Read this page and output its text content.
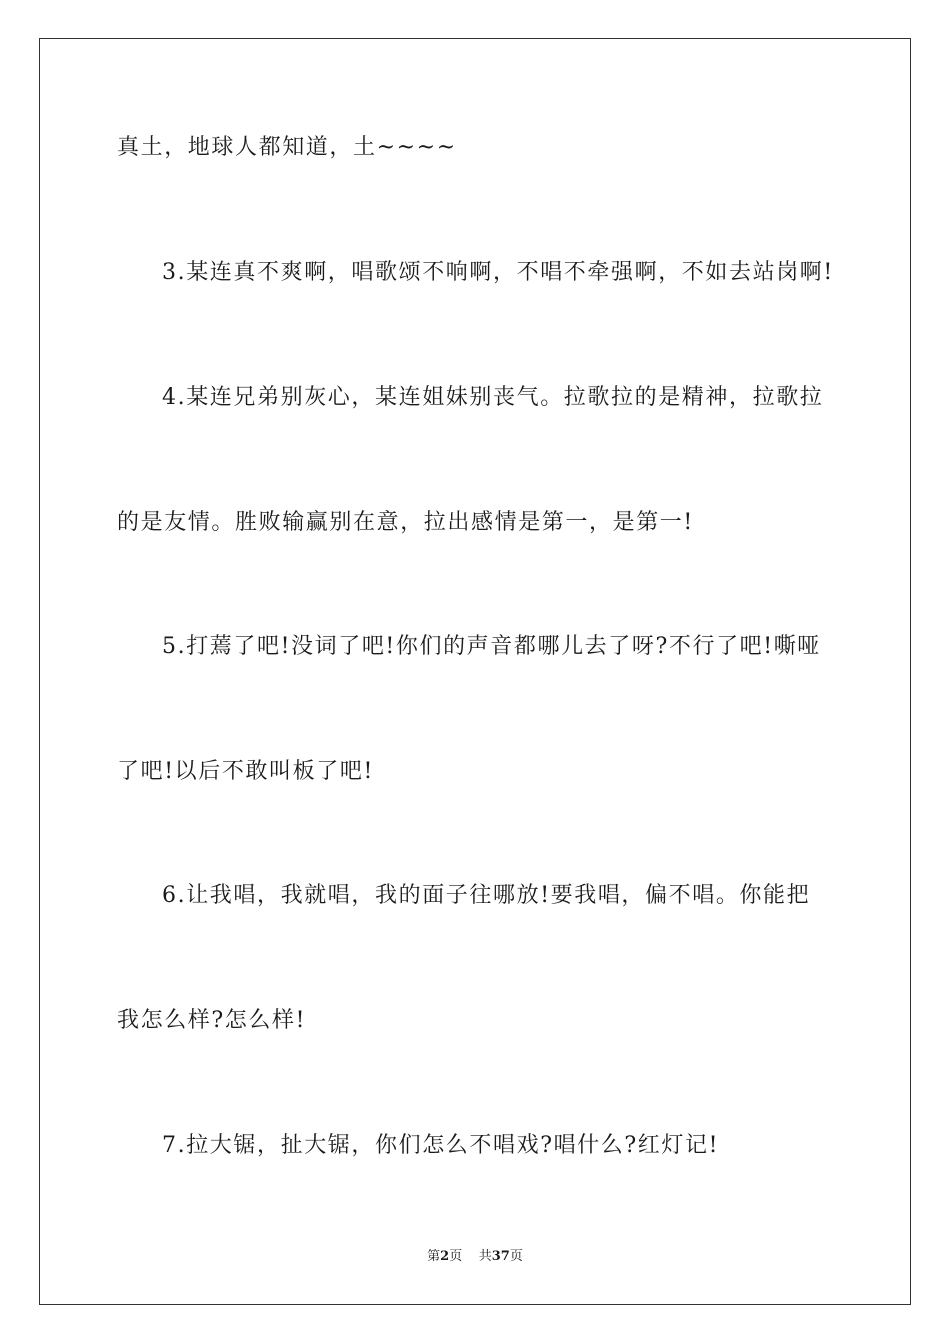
真土，地球人都知道，土~~~~
3.某连真不爽啊，唱歌颂不响啊，不唱不牵强啊，不如去站岗啊!
4.某连兄弟别灰心，某连姐妹别丧气。拉歌拉的是精神，拉歌拉
的是友情。胜败输赢别在意，拉出感情是第一，是第一!
5.打蔫了吧!没词了吧!你们的声音都哪儿去了呀?不行了吧!嘶哑
了吧!以后不敢叫板了吧!
6.让我唱，我就唱，我的面子往哪放!要我唱，偏不唱。你能把
我怎么样?怎么样!
7.拉大锯，扯大锯，你们怎么不唱戏?唱什么?红灯记!
第2页 共37页
